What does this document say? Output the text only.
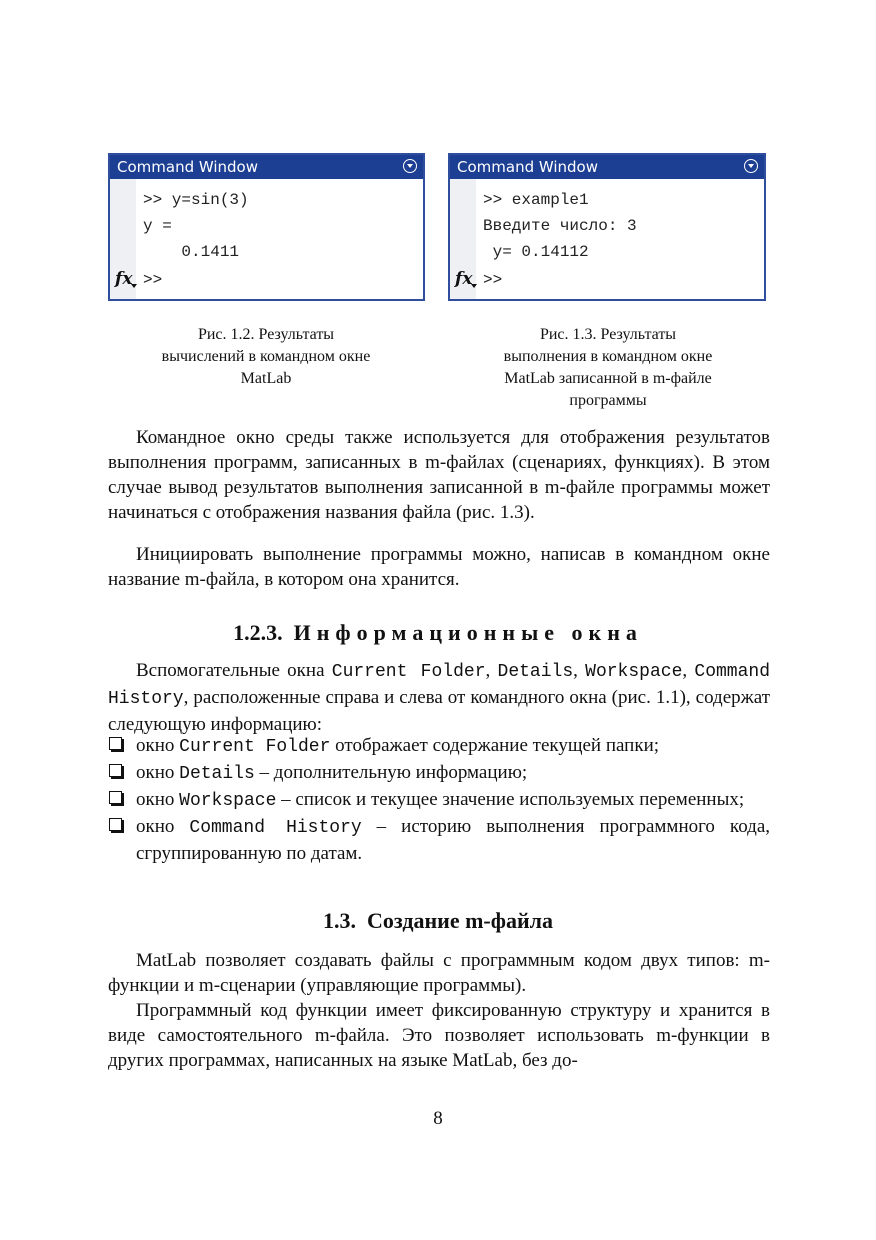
Command Window
>> y=sin(3)
y =
0.1411
fx >>
Рис. 1.2. Результаты
вычислений в командном окне
MatLab
Command Window
>> example1
Введите число: 3
y= 0.14112
fx >>
Рис. 1.3. Результаты
выполнения в командном окне
MatLab записанной в m-файле
программы

Командное окно среды также используется для отображения результатов выполнения программ, записанных в m-файлах (сценариях, функциях). В этом случае вывод результатов выполнения записанной в m-файле программы может начинаться с отображения названия файла (рис. 1.3).

Инициировать выполнение программы можно, написав в командном окне название m-файла, в котором она хранится.

1.2.3. Информационные окна

Вспомогательные окна Current Folder, Details, Workspace, Command History, расположенные справа и слева от командного окна (рис. 1.1), содержат следующую информацию:

окно Current Folder отображает содержание текущей папки;
окно Details – дополнительную информацию;
окно Workspace – список и текущее значение используемых переменных;
окно Command History – историю выполнения программного кода, сгруппированную по датам.
1.3. Создание m-файла

MatLab позволяет создавать файлы с программным кодом двух типов: m-функции и m-сценарии (управляющие программы).

Программный код функции имеет фиксированную структуру и хранится в виде самостоятельного m-файла. Это позволяет использовать m-функции в других программах, написанных на языке MatLab, без до-

8
